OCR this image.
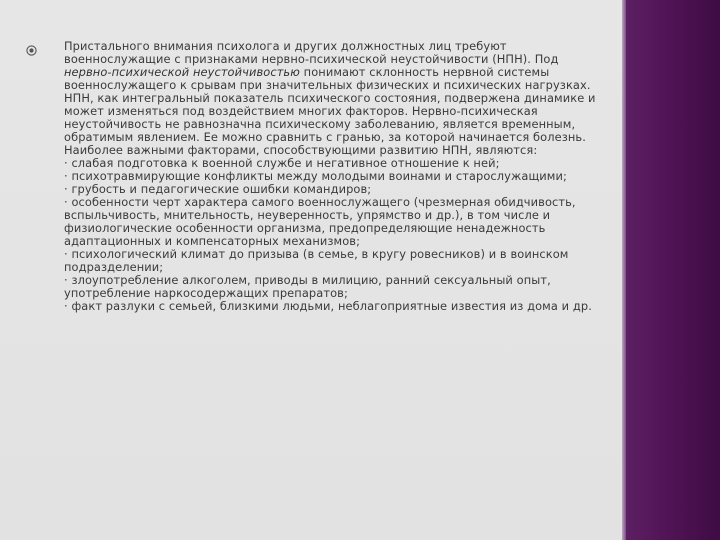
Пристального внимания психолога и других должностных лиц требуют военнослужащие с признаками нервно-психической неустойчивости (НПН). Под нервно-психической неустойчивостью понимают склонность нервной системы военнослужащего к срывам при значительных физических и психических нагрузках. НПН, как интегральный показатель психического состояния, подвержена динамике и может изменяться под воздействием многих факторов. Нервно-психическая неустойчивость не равнозначна психическому заболеванию, является временным, обратимым явлением. Ее можно сравнить с гранью, за которой начинается болезнь.

Наиболее важными факторами, способствующими развитию НПН, являются:

· слабая подготовка к военной службе и негативное отношение к ней;

· психотравмирующие конфликты между молодыми воинами и старослужащими;

· грубость и педагогические ошибки командиров;

· особенности черт характера самого военнослужащего (чрезмерная обидчивость, вспыльчивость, мнительность, неуверенность, упрямство и др.), в том числе и физиологические особенности организма, предопределяющие ненадежность адаптационных и компенсаторных механизмов;

· психологический климат до призыва (в семье, в кругу ровесников) и в воинском подразделении;

· злоупотребление алкоголем, приводы в милицию, ранний сексуальный опыт, употребление наркосодержащих препаратов;

· факт разлуки с семьей, близкими людьми, неблагоприятные известия из дома и др.
